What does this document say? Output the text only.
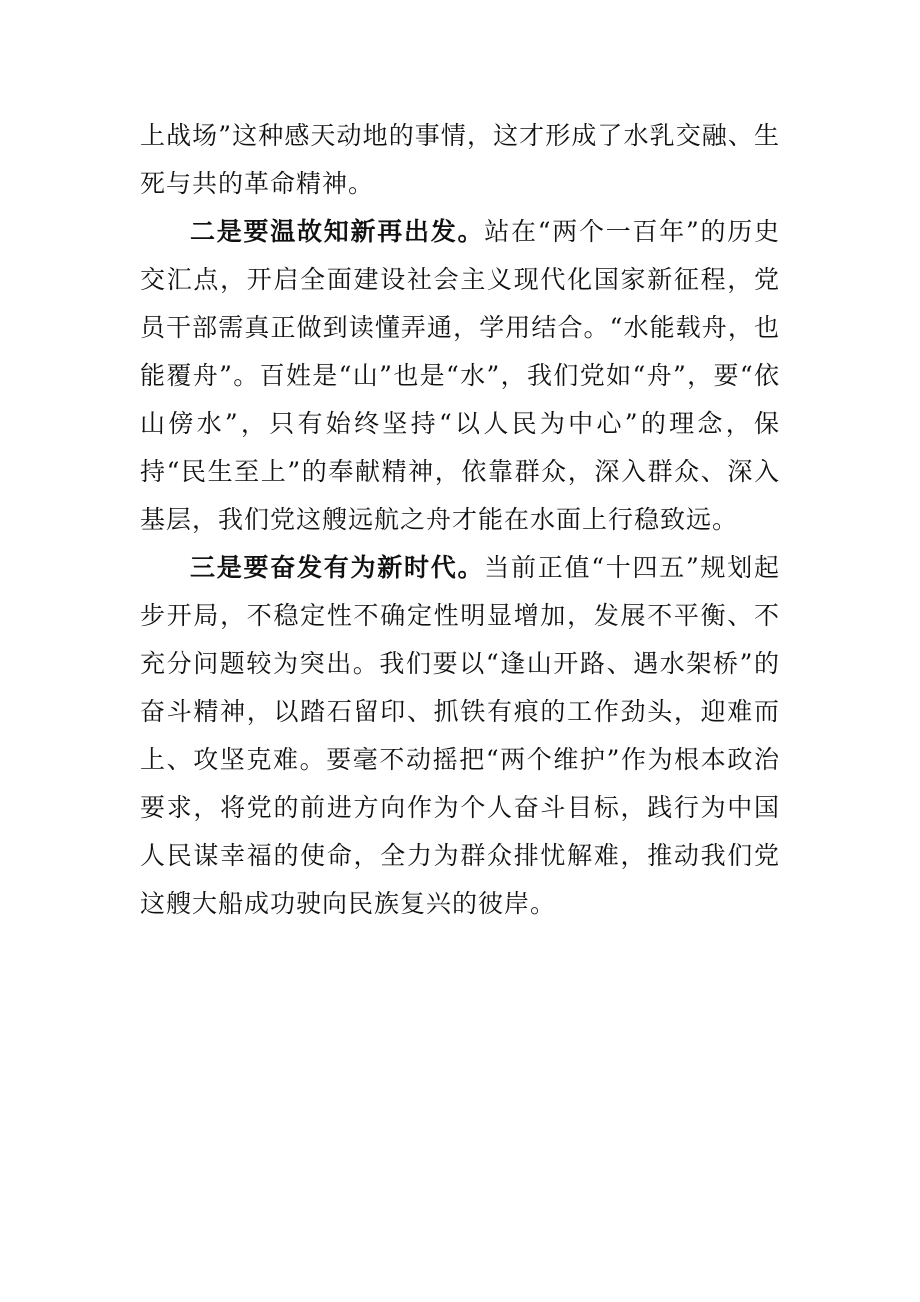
上战场”这种感天动地的事情，这才形成了水乳交融、生死与共的革命精神。

二是要温故知新再出发。站在“两个一百年”的历史交汇点，开启全面建设社会主义现代化国家新征程，党员干部需真正做到读懂弄通，学用结合。“水能载舟，也能覆舟”。百姓是“山”也是“水”，我们党如“舟”，要“依山傍水”，只有始终坚持“以人民为中心”的理念，保持“民生至上”的奉献精神，依靠群众，深入群众、深入基层，我们党这艘远航之舟才能在水面上行稳致远。

三是要奋发有为新时代。当前正值“十四五”规划起步开局，不稳定性不确定性明显增加，发展不平衡、不充分问题较为突出。我们要以“逢山开路、遇水架桥”的奋斗精神，以踏石留印、抓铁有痕的工作劲头，迎难而上、攻坚克难。要毫不动摇把“两个维护”作为根本政治要求，将党的前进方向作为个人奋斗目标，践行为中国人民谋幸福的使命，全力为群众排忧解难，推动我们党这艘大船成功驶向民族复兴的彼岸。
